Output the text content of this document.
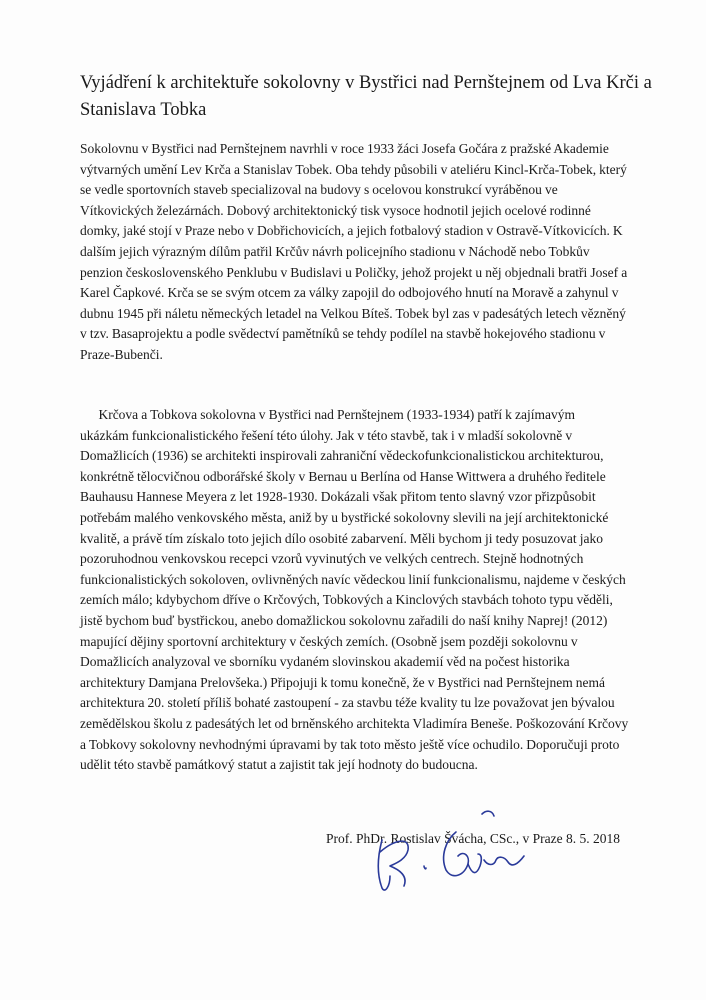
Vyjádření k architektuře sokolovny v Bystřici nad Pernštejnem od Lva Krči a
Stanislava Tobka

Sokolovnu v Bystřici nad Pernštejnem navrhli v roce 1933 žáci Josefa Gočára z pražské Akademie
výtvarných umění Lev Krča a Stanislav Tobek. Oba tehdy působili v ateliéru Kincl-Krča-Tobek, který
se vedle sportovních staveb specializoval na budovy s ocelovou konstrukcí vyráběnou ve
Vítkovických železárnách. Dobový architektonický tisk vysoce hodnotil jejich ocelové rodinné
domky, jaké stojí v Praze nebo v Dobřichovicích, a jejich fotbalový stadion v Ostravě-Vítkovicích. K
dalším jejich výrazným dílům patřil Krčův návrh policejního stadionu v Náchodě nebo Tobkův
penzion československého Penklubu v Budislavi u Poličky, jehož projekt u něj objednali bratři Josef a
Karel Čapkové. Krča se se svým otcem za války zapojil do odbojového hnutí na Moravě a zahynul v
dubnu 1945 při náletu německých letadel na Velkou Bíteš. Tobek byl zas v padesátých letech vězněný
v tzv. Basaprojektu a podle svědectví pamětníků se tehdy podílel na stavbě hokejového stadionu v
Praze-Bubenči.

Krčova a Tobkova sokolovna v Bystřici nad Pernštejnem (1933-1934) patří k zajímavým
ukázkám funkcionalistického řešení této úlohy. Jak v této stavbě, tak i v mladší sokolovně v
Domažlicích (1936) se architekti inspirovali zahraniční vědeckofunkcionalistickou architekturou,
konkrétně tělocvičnou odborářské školy v Bernau u Berlína od Hanse Wittwera a druhého ředitele
Bauhausu Hannese Meyera z let 1928-1930. Dokázali však přitom tento slavný vzor přizpůsobit
potřebám malého venkovského města, aniž by u bystřické sokolovny slevili na její architektonické
kvalitě, a právě tím získalo toto jejich dílo osobité zabarvení. Měli bychom ji tedy posuzovat jako
pozoruhodnou venkovskou recepci vzorů vyvinutých ve velkých centrech. Stejně hodnotných
funkcionalistických sokoloven, ovlivněných navíc vědeckou linií funkcionalismu, najdeme v českých
zemích málo; kdybychom dříve o Krčových, Tobkových a Kinclových stavbách tohoto typu věděli,
jistě bychom buď bystřickou, anebo domažlickou sokolovnu zařadili do naší knihy Naprej! (2012)
mapující dějiny sportovní architektury v českých zemích. (Osobně jsem později sokolovnu v
Domažlicích analyzoval ve sborníku vydaném slovinskou akademií věd na počest historika
architektury Damjana Prelovšeka.) Připojuji k tomu konečně, že v Bystřici nad Pernštejnem nemá
architektura 20. století příliš bohaté zastoupení - za stavbu téže kvality tu lze považovat jen bývalou
zemědělskou školu z padesátých let od brněnského architekta Vladimíra Beneše. Poškozování Krčovy
a Tobkovy sokolovny nevhodnými úpravami by tak toto město ještě více ochudilo. Doporučuji proto
udělit této stavbě památkový statut a zajistit tak její hodnoty do budoucna.

Prof. PhDr. Rostislav Švácha, CSc., v Praze 8. 5. 2018
